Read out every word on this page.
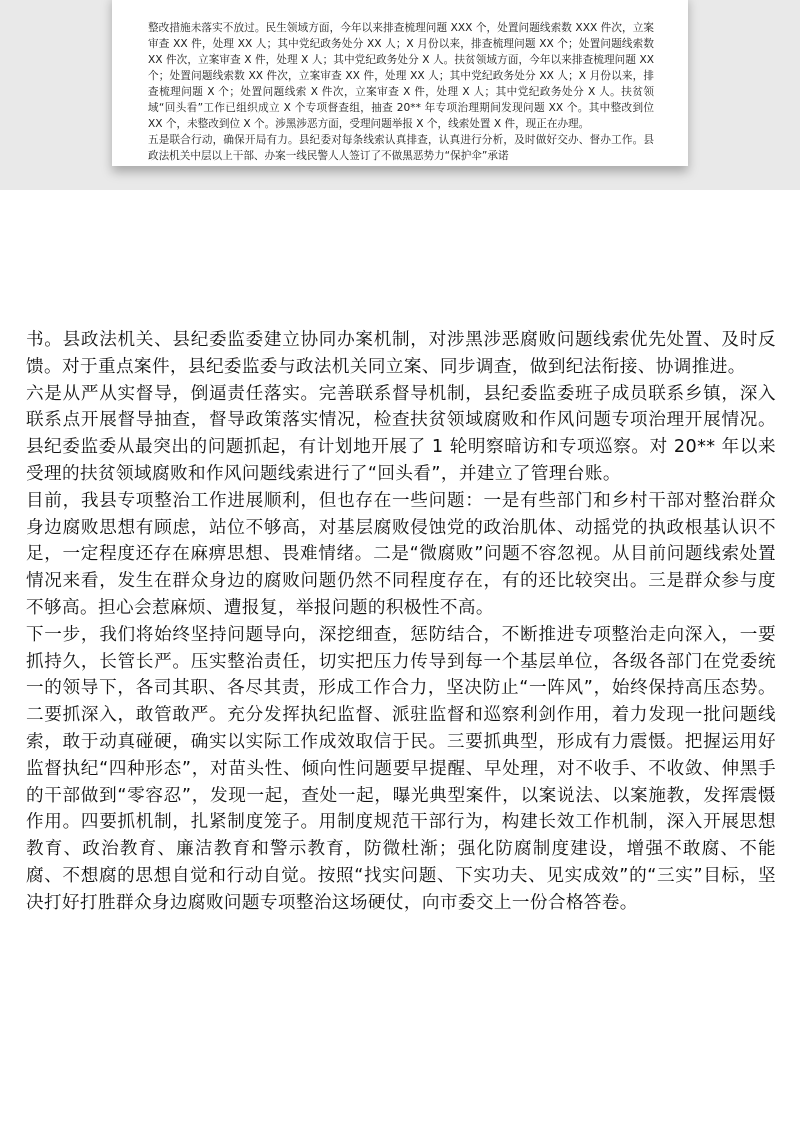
整改措施未落实不放过。民生领域方面，今年以来排查梳理问题 XXX 个，处置问题线索数 XXX 件次，立案审查 XX 件，处理 XX 人；其中党纪政务处分 XX 人；X 月份以来，排查梳理问题 XX 个；处置问题线索数 XX 件次，立案审查 X 件，处理 X 人；其中党纪政务处分 X 人。扶贫领域方面，今年以来排查梳理问题 XX 个；处置问题线索数 XX 件次，立案审查 XX 件，处理 XX 人；其中党纪政务处分 XX 人；X 月份以来，排查梳理问题 X 个；处置问题线索 X 件次，立案审查 X 件，处理 X 人；其中党纪政务处分 X 人。扶贫领域“回头看”工作已组织成立 X 个专项督查组，抽查 20** 年专项治理期间发现问题 XX 个。其中整改到位 XX 个，未整改到位 X 个。涉黑涉恶方面，受理问题举报 X 个，线索处置 X 件，现正在办理。

五是联合行动，确保开局有力。县纪委对每条线索认真排查，认真进行分析，及时做好交办、督办工作。县政法机关中层以上干部、办案一线民警人人签订了不做黑恶势力“保护伞”承诺

书。县政法机关、县纪委监委建立协同办案机制，对涉黑涉恶腐败问题线索优先处置、及时反馈。对于重点案件，县纪委监委与政法机关同立案、同步调查，做到纪法衔接、协调推进。

六是从严从实督导，倒逼责任落实。完善联系督导机制，县纪委监委班子成员联系乡镇，深入联系点开展督导抽查，督导政策落实情况，检查扶贫领域腐败和作风问题专项治理开展情况。县纪委监委从最突出的问题抓起，有计划地开展了 1 轮明察暗访和专项巡察。对 20** 年以来受理的扶贫领域腐败和作风问题线索进行了“回头看”，并建立了管理台账。

目前，我县专项整治工作进展顺利，但也存在一些问题：一是有些部门和乡村干部对整治群众身边腐败思想有顾虑，站位不够高，对基层腐败侵蚀党的政治肌体、动摇党的执政根基认识不足，一定程度还存在麻痹思想、畏难情绪。二是“微腐败”问题不容忽视。从目前问题线索处置情况来看，发生在群众身边的腐败问题仍然不同程度存在，有的还比较突出。三是群众参与度不够高。担心会惹麻烦、遭报复，举报问题的积极性不高。

下一步，我们将始终坚持问题导向，深挖细查，惩防结合，不断推进专项整治走向深入，一要抓持久，长管长严。压实整治责任，切实把压力传导到每一个基层单位，各级各部门在党委统一的领导下，各司其职、各尽其责，形成工作合力，坚决防止“一阵风”，始终保持高压态势。二要抓深入，敢管敢严。充分发挥执纪监督、派驻监督和巡察利剑作用，着力发现一批问题线索，敢于动真碰硬，确实以实际工作成效取信于民。三要抓典型，形成有力震慑。把握运用好监督执纪“四种形态”，对苗头性、倾向性问题要早提醒、早处理，对不收手、不收敛、伸黑手的干部做到“零容忍”，发现一起，查处一起，曝光典型案件，以案说法、以案施教，发挥震慑作用。四要抓机制，扎紧制度笼子。用制度规范干部行为，构建长效工作机制，深入开展思想教育、政治教育、廉洁教育和警示教育，防微杜渐；强化防腐制度建设，增强不敢腐、不能腐、不想腐的思想自觉和行动自觉。按照“找实问题、下实功夫、见实成效”的“三实”目标，坚决打好打胜群众身边腐败问题专项整治这场硬仗，向市委交上一份合格答卷。
